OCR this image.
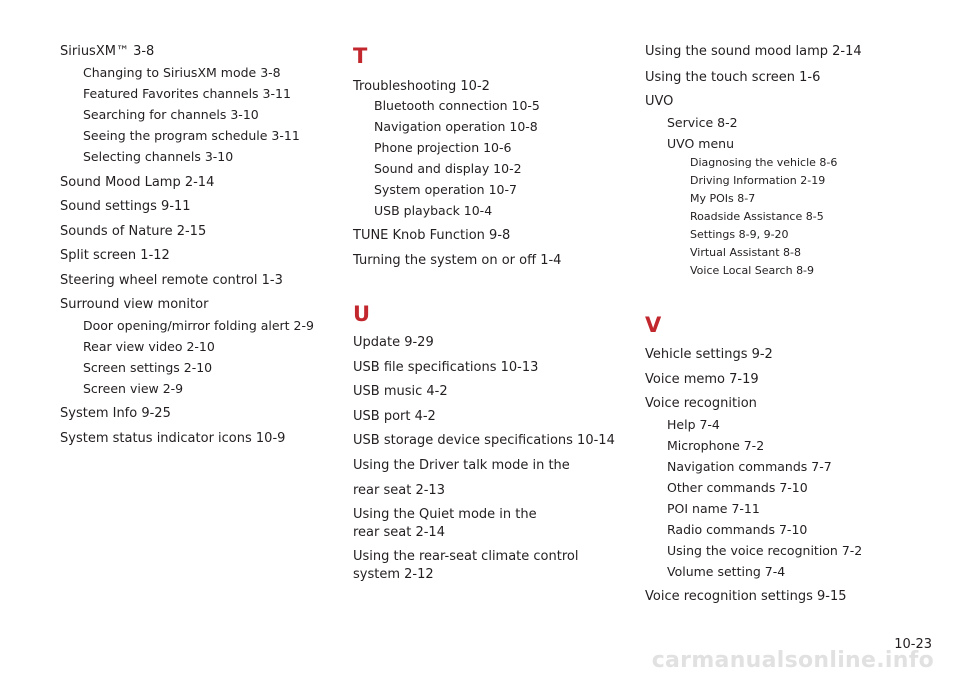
SiriusXM™ 3-8
Changing to SiriusXM mode 3-8
Featured Favorites channels 3-11
Searching for channels 3-10
Seeing the program schedule 3-11
Selecting channels 3-10
Sound Mood Lamp 2-14
Sound settings 9-11
Sounds of Nature 2-15
Split screen 1-12
Steering wheel remote control 1-3
Surround view monitor
Door opening/mirror folding alert 2-9
Rear view video 2-10
Screen settings 2-10
Screen view 2-9
System Info 9-25
System status indicator icons 10-9
T
Troubleshooting 10-2
Bluetooth connection 10-5
Navigation operation 10-8
Phone projection 10-6
Sound and display 10-2
System operation 10-7
USB playback 10-4
TUNE Knob Function 9-8
Turning the system on or off 1-4
U
Update 9-29
USB file specifications 10-13
USB music 4-2
USB port 4-2
USB storage device specifications 10-14
Using the Driver talk mode in the
rear seat 2-13
Using the Quiet mode in the
rear seat 2-14
Using the rear-seat climate control
system 2-12
Using the sound mood lamp 2-14
Using the touch screen 1-6
UVO
Service 8-2
UVO menu
Diagnosing the vehicle 8-6
Driving Information 2-19
My POIs 8-7
Roadside Assistance 8-5
Settings 8-9, 9-20
Virtual Assistant 8-8
Voice Local Search 8-9
V
Vehicle settings 9-2
Voice memo 7-19
Voice recognition
Help 7-4
Microphone 7-2
Navigation commands 7-7
Other commands 7-10
POI name 7-11
Radio commands 7-10
Using the voice recognition 7-2
Volume setting 7-4
Voice recognition settings 9-15
10-23
carmanualsonline.info
